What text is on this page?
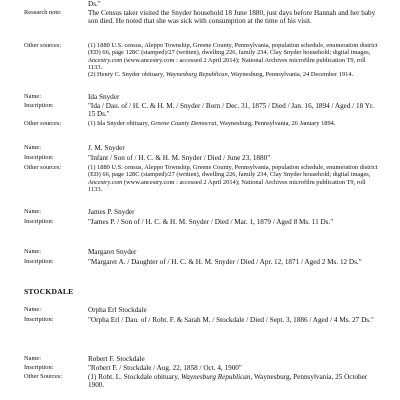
Ds."
Research note:	The Census taker visited the Snyder household 18 June 1880, just days before Hannah and her baby son died. He noted that she was sick with consumption at the time of his visit.
Other sources:	(1) 1880 U.S. census, Aleppo Township, Greene County, Pennsylvania, population schedule, enumeration district (ED) 66, page 128C (stamped)/27 (written), dwelling 226, family 234, Clay Snyder household; digital images, Ancestry.com (www.ancestry.com : accessed 2 April 2014); National Archives microfilm publication T9, roll 1133.
(2) Henry C. Snyder obituary, Waynesburg Republican, Waynesburg, Pennsylvania, 24 December 1914.
Name:	Ida Snyder
Inscription:	"Ida / Dau. of / H. C. & H. M. / Snyder / Born / Dec. 31, 1875 / Died / Jan. 16, 1894 / Aged / 18 Yr. 15 Ds."
Other sources:	(1) Ida Snyder obituary, Greene County Democrat, Waynesburg, Pennsylvania, 26 January 1894.
Name:	J. M. Snyder
Inscription:	"Infant / Son of / H. C. & H. M. Snyder / Died / June 23, 1880"
Other sources:	(1) 1880 U.S. census, Aleppo Township, Greene County, Pennsylvania, population schedule, enumeration district (ED) 66, page 128C (stamped)/27 (written), dwelling 226, family 234, Clay Snyder household; digital images, Ancestry.com (www.ancestry.com : accessed 2 April 2014); National Archives microfilm publication T9, roll 1133.
Name:	James P. Snyder
Inscription:	"James P. / Son of / H. C. & H. M. Snyder / Died / Mar. 1, 1879 / Aged 8 Ms. 11 Ds."
Name:	Margaret Snyder
Inscription:	"Margaret A. / Daughter of / H. C. & H. M. Snyder / Died / Apr. 12, 1871 / Aged 2 Ms. 12 Ds."
STOCKDALE
Name:	Orpha Erl Stockdale
Inscription:	"Orpha Erl / Dau. of / Robt. F. & Sarah M. / Stockdale / Died / Sept. 3, 1886 / Aged / 4 Ms. 27 Ds."
Name:	Robert F. Stockdale
Inscription:	"Robert F. / Stockdale / Aug. 22, 1858 / Oct. 4, 1900"
Other Sources:	(1) Robt. L. Stockdale obituary, Waynesburg Republican, Waynesburg, Pennsylvania, 25 October 1900.
